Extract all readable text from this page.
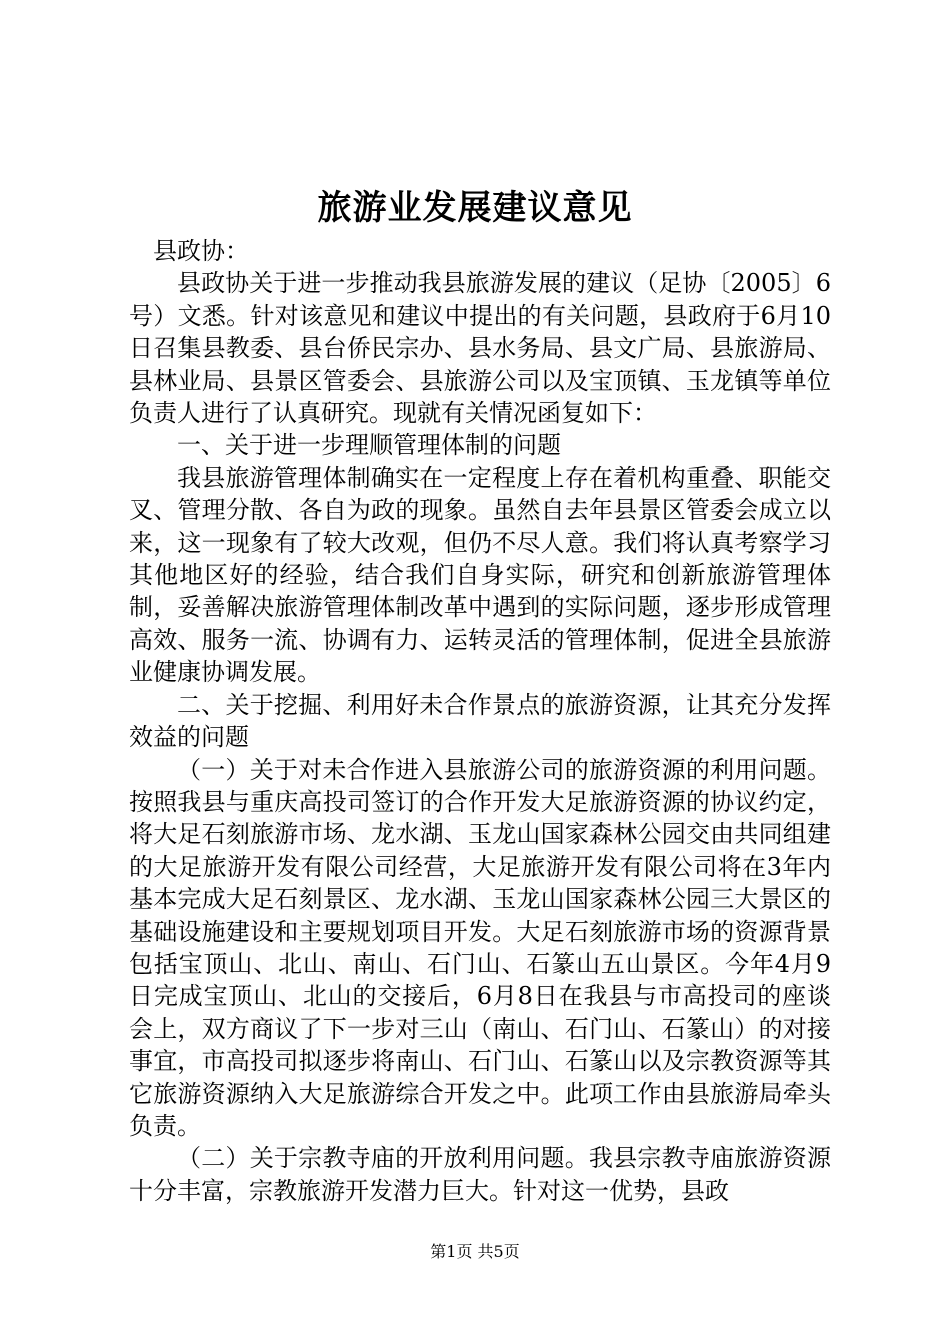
旅游业发展建议意见

县政协：

县政协关于进一步推动我县旅游发展的建议（足协〔2005〕6号）文悉。针对该意见和建议中提出的有关问题，县政府于6月10日召集县教委、县台侨民宗办、县水务局、县文广局、县旅游局、县林业局、县景区管委会、县旅游公司以及宝顶镇、玉龙镇等单位负责人进行了认真研究。现就有关情况函复如下：

一、关于进一步理顺管理体制的问题

我县旅游管理体制确实在一定程度上存在着机构重叠、职能交叉、管理分散、各自为政的现象。虽然自去年县景区管委会成立以来，这一现象有了较大改观，但仍不尽人意。我们将认真考察学习其他地区好的经验，结合我们自身实际，研究和创新旅游管理体制，妥善解决旅游管理体制改革中遇到的实际问题，逐步形成管理高效、服务一流、协调有力、运转灵活的管理体制，促进全县旅游业健康协调发展。

二、关于挖掘、利用好未合作景点的旅游资源，让其充分发挥效益的问题

（一）关于对未合作进入县旅游公司的旅游资源的利用问题。按照我县与重庆高投司签订的合作开发大足旅游资源的协议约定，将大足石刻旅游市场、龙水湖、玉龙山国家森林公园交由共同组建的大足旅游开发有限公司经营，大足旅游开发有限公司将在3年内基本完成大足石刻景区、龙水湖、玉龙山国家森林公园三大景区的基础设施建设和主要规划项目开发。大足石刻旅游市场的资源背景包括宝顶山、北山、南山、石门山、石篆山五山景区。今年4月9日完成宝顶山、北山的交接后，6月8日在我县与市高投司的座谈会上，双方商议了下一步对三山（南山、石门山、石篆山）的对接事宜，市高投司拟逐步将南山、石门山、石篆山以及宗教资源等其它旅游资源纳入大足旅游综合开发之中。此项工作由县旅游局牵头负责。

（二）关于宗教寺庙的开放利用问题。我县宗教寺庙旅游资源十分丰富，宗教旅游开发潜力巨大。针对这一优势，县政

第1页 共5页
